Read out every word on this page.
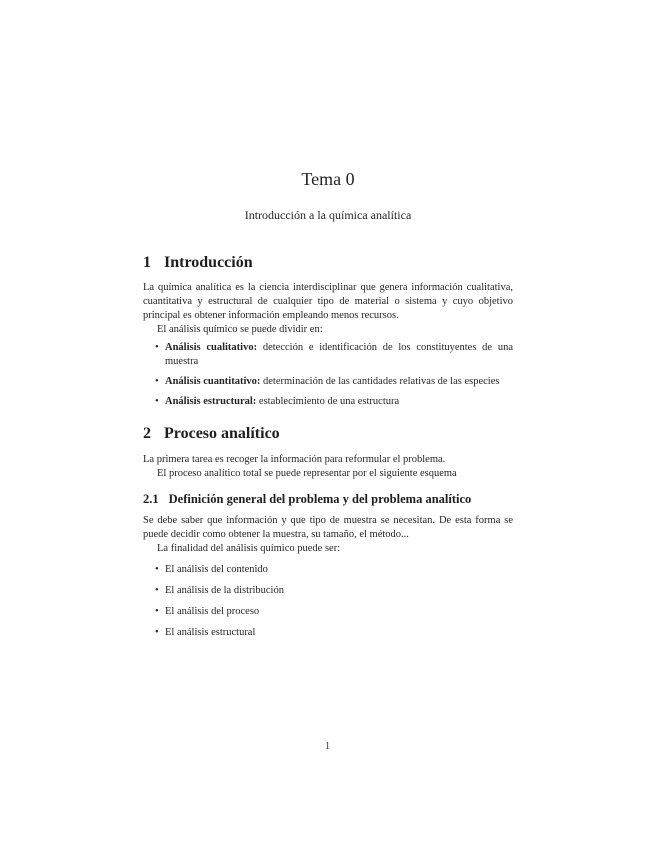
Tema 0
Introducción a la química analítica
1 Introducción

La química analítica es la ciencia interdisciplinar que genera información cualitativa, cuantitativa y estructural de cualquier tipo de material o sistema y cuyo objetivo principal es obtener información empleando menos recursos.

El análisis químico se puede dividir en:

• Análisis cualitativo: detección e identificación de los constituyentes de una muestra
• Análisis cuantitativo: determinación de las cantidades relativas de las especies
• Análisis estructural: establecimiento de una estructura
2 Proceso analítico

La primera tarea es recoger la información para reformular el problema.

El proceso analítico total se puede representar por el siguiente esquema

2.1 Definición general del problema y del problema analítico

Se debe saber que información y que tipo de muestra se necesitan. De esta forma se puede decidir como obtener la muestra, su tamaño, el método...

La finalidad del análisis químico puede ser:

• El análisis del contenido
• El análisis de la distribución
• El análisis del proceso
• El análisis estructural
1
